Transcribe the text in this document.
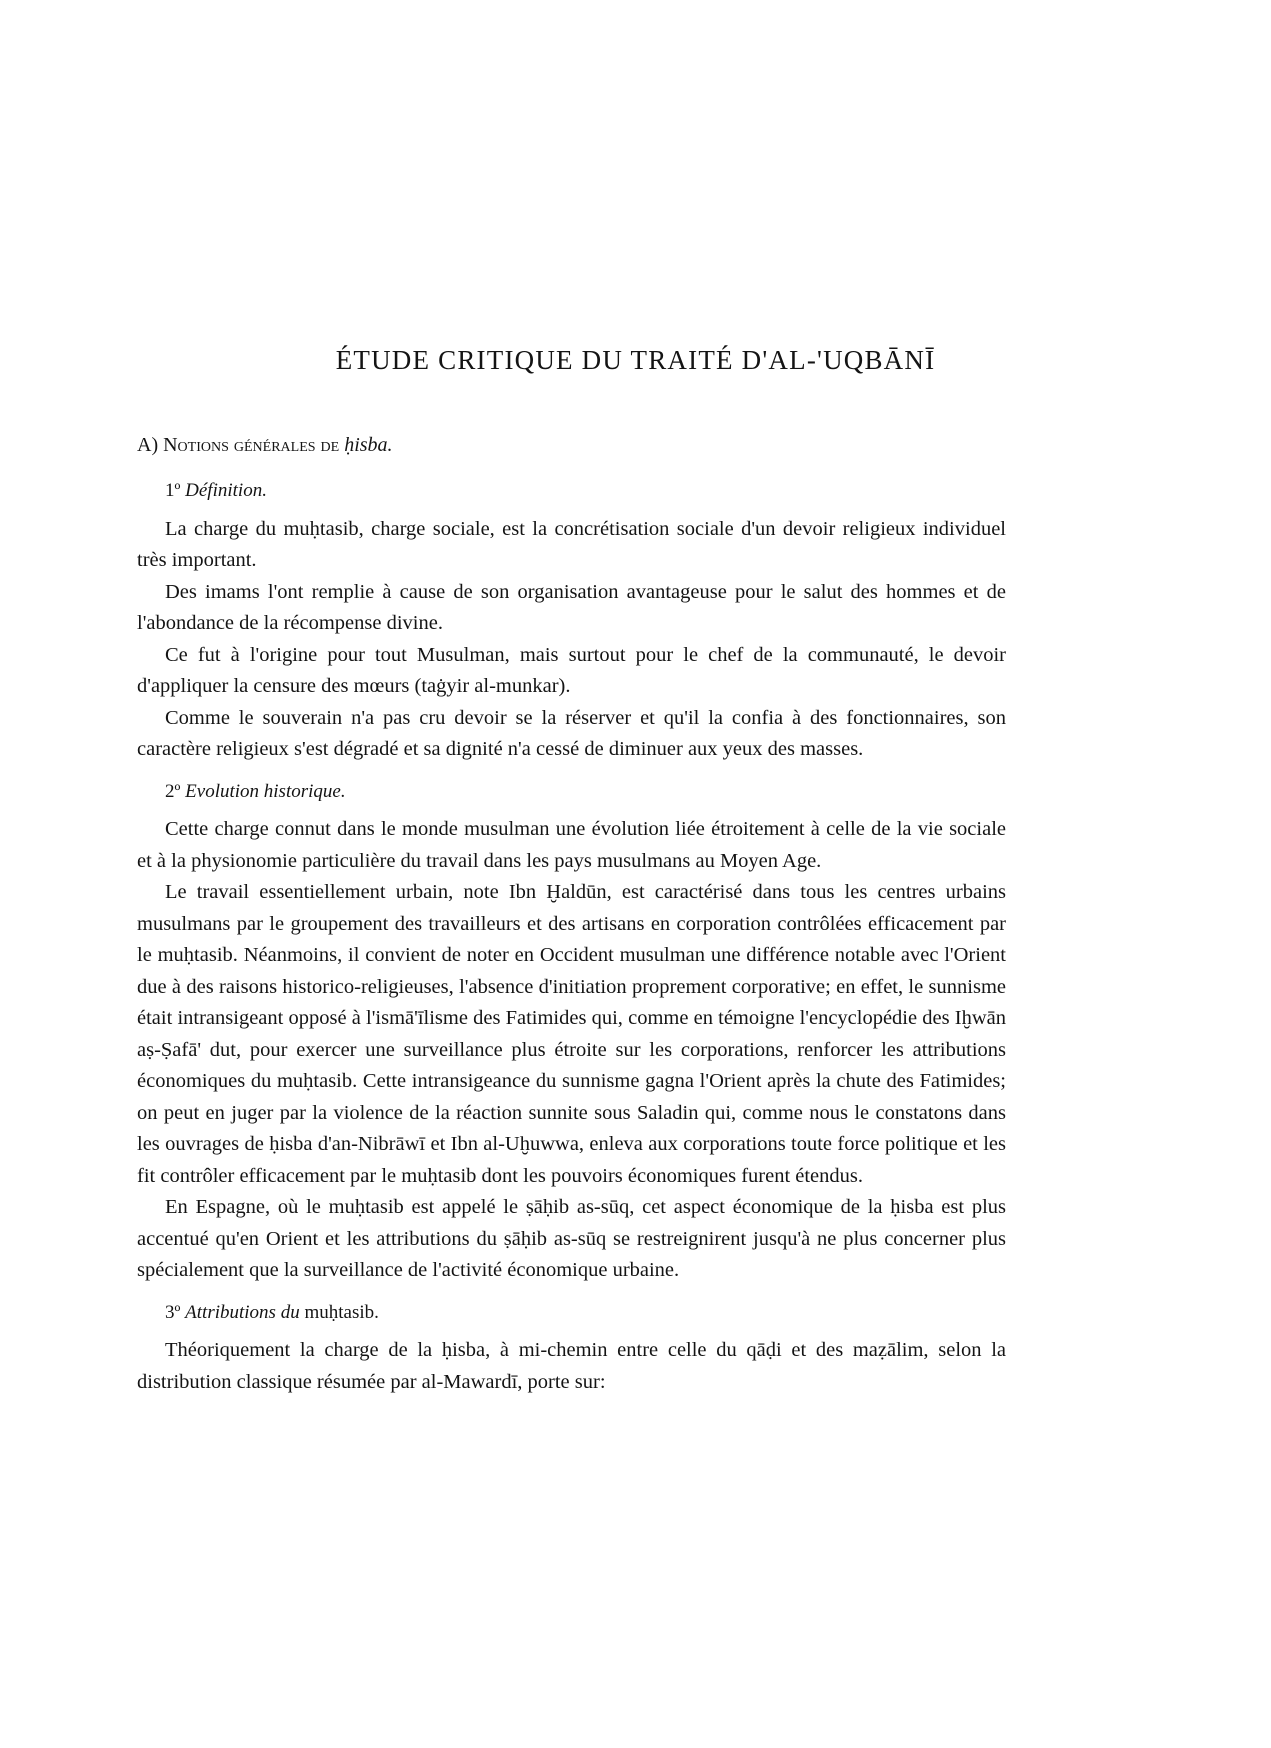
ÉTUDE CRITIQUE DU TRAITÉ D'AL-'UQBĀNĪ
A) Notions générales de ḥisba.
1º Définition.

La charge du muḥtasib, charge sociale, est la concrétisation sociale d'un devoir religieux individuel très important.

Des imams l'ont remplie à cause de son organisation avantageuse pour le salut des hommes et de l'abondance de la récompense divine.

Ce fut à l'origine pour tout Musulman, mais surtout pour le chef de la communauté, le devoir d'appliquer la censure des mœurs (taġyir al-munkar).

Comme le souverain n'a pas cru devoir se la réserver et qu'il la confia à des fonctionnaires, son caractère religieux s'est dégradé et sa dignité n'a cessé de diminuer aux yeux des masses.

2º Evolution historique.

Cette charge connut dans le monde musulman une évolution liée étroitement à celle de la vie sociale et à la physionomie particulière du travail dans les pays musulmans au Moyen Age.

Le travail essentiellement urbain, note Ibn Ḫaldūn, est caractérisé dans tous les centres urbains musulmans par le groupement des travailleurs et des artisans en corporation contrôlées efficacement par le muḥtasib. Néanmoins, il convient de noter en Occident musulman une différence notable avec l'Orient due à des raisons historico-religieuses, l'absence d'initiation proprement corporative; en effet, le sunnisme était intransigeant opposé à l'ismā'īlisme des Fatimides qui, comme en témoigne l'encyclopédie des Iḫwān aṣ-Ṣafā' dut, pour exercer une surveillance plus étroite sur les corporations, renforcer les attributions économiques du muḥtasib. Cette intransigeance du sunnisme gagna l'Orient après la chute des Fatimides; on peut en juger par la violence de la réaction sunnite sous Saladin qui, comme nous le constatons dans les ouvrages de ḥisba d'an-Nibrāwī et Ibn al-Uḫuwwa, enleva aux corporations toute force politique et les fit contrôler efficacement par le muḥtasib dont les pouvoirs économiques furent étendus.

En Espagne, où le muḥtasib est appelé le ṣāḥib as-sūq, cet aspect économique de la ḥisba est plus accentué qu'en Orient et les attributions du ṣāḥib as-sūq se restreignirent jusqu'à ne plus concerner plus spécialement que la surveillance de l'activité économique urbaine.

3º Attributions du muḥtasib.

Théoriquement la charge de la ḥisba, à mi-chemin entre celle du qāḍi et des maẓālim, selon la distribution classique résumée par al-Mawardī, porte sur:
